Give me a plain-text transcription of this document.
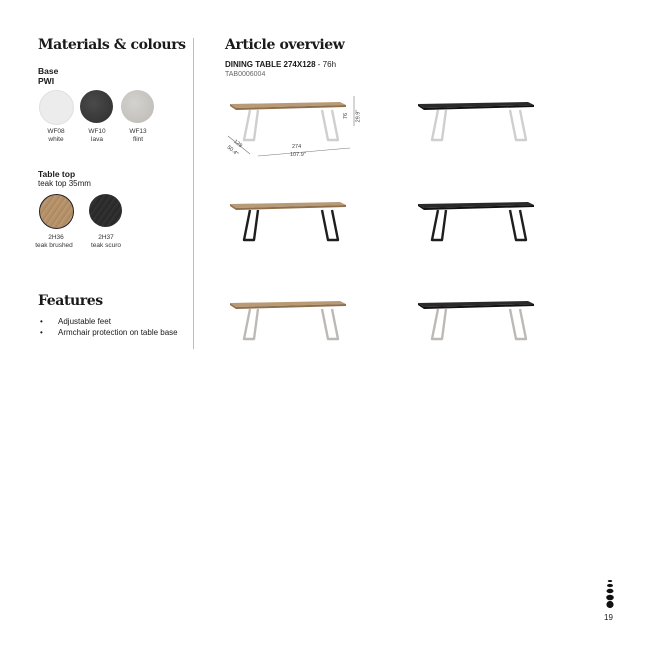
Materials & colours
Base
PWI
WF08
white
WF10
lava
WF13
flint
Table top
teak top 35mm
2H36
teak brushed
2H37
teak scuro
Features
• Adjustable feet
• Armchair protection on table base
Article overview
DINING TABLE 274X128 - 76h
TAB0006004
274
107.9"
128
50.4"
76 29.9"
19
